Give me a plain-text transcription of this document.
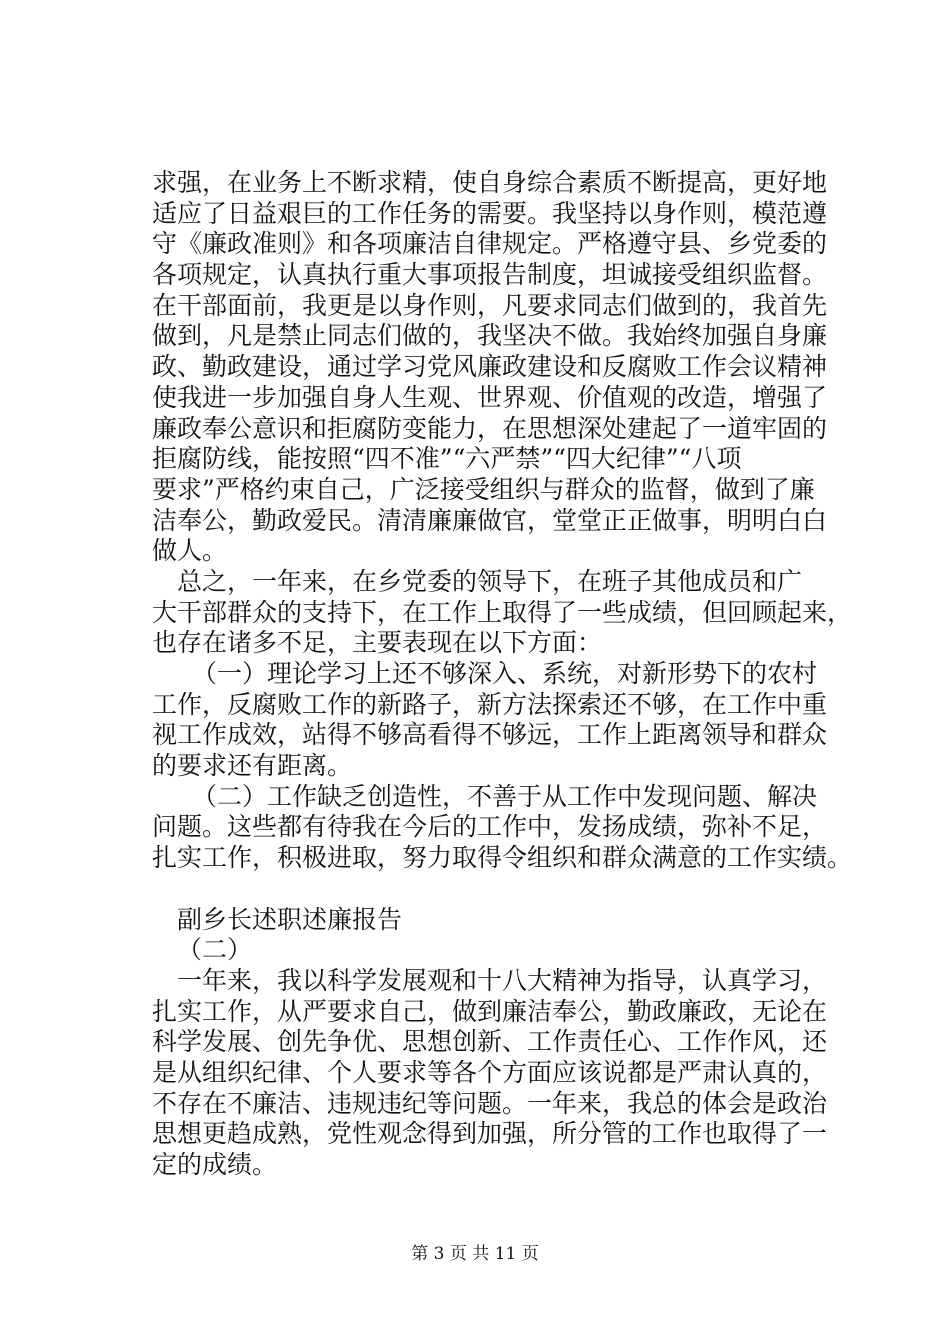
求强，在业务上不断求精，使自身综合素质不断提高，更好地
适应了日益艰巨的工作任务的需要。我坚持以身作则，模范遵
守《廉政准则》和各项廉洁自律规定。严格遵守县、乡党委的
各项规定，认真执行重大事项报告制度，坦诚接受组织监督。
在干部面前，我更是以身作则，凡要求同志们做到的，我首先
做到，凡是禁止同志们做的，我坚决不做。我始终加强自身廉
政、勤政建设，通过学习党风廉政建设和反腐败工作会议精神
使我进一步加强自身人生观、世界观、价值观的改造，增强了
廉政奉公意识和拒腐防变能力，在思想深处建起了一道牢固的
拒腐防线，能按照“四不准”“六严禁”“四大纪律”“八项
要求”严格约束自己，广泛接受组织与群众的监督，做到了廉
洁奉公，勤政爱民。清清廉廉做官，堂堂正正做事，明明白白
做人。
总之，一年来，在乡党委的领导下，在班子其他成员和广
大干部群众的支持下，在工作上取得了一些成绩，但回顾起来，
也存在诸多不足，主要表现在以下方面：
（一）理论学习上还不够深入、系统，对新形势下的农村
工作，反腐败工作的新路子，新方法探索还不够，在工作中重
视工作成效，站得不够高看得不够远，工作上距离领导和群众
的要求还有距离。
（二）工作缺乏创造性，不善于从工作中发现问题、解决
问题。这些都有待我在今后的工作中，发扬成绩，弥补不足，
扎实工作，积极进取，努力取得令组织和群众满意的工作实绩。
副乡长述职述廉报告
（二）
一年来，我以科学发展观和十八大精神为指导，认真学习，
扎实工作，从严要求自己，做到廉洁奉公，勤政廉政，无论在
科学发展、创先争优、思想创新、工作责任心、工作作风，还
是从组织纪律、个人要求等各个方面应该说都是严肃认真的，
不存在不廉洁、违规违纪等问题。一年来，我总的体会是政治
思想更趋成熟，党性观念得到加强，所分管的工作也取得了一
定的成绩。
第 3 页 共 11 页
